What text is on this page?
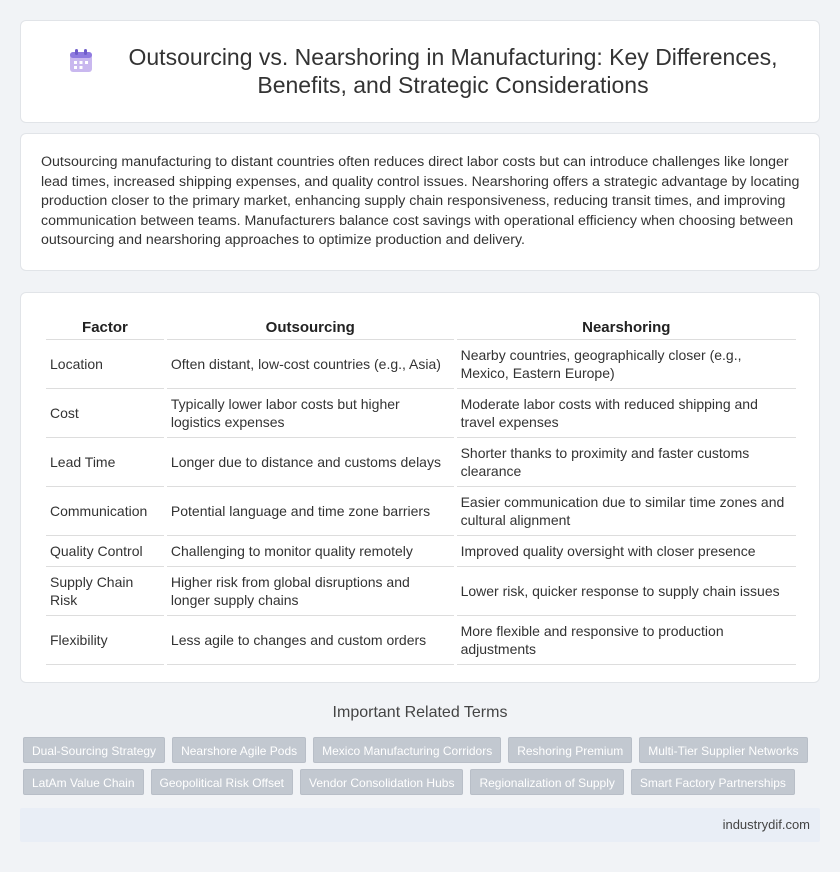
Outsourcing vs. Nearshoring in Manufacturing: Key Differences, Benefits, and Strategic Considerations

Outsourcing manufacturing to distant countries often reduces direct labor costs but can introduce challenges like longer lead times, increased shipping expenses, and quality control issues. Nearshoring offers a strategic advantage by locating production closer to the primary market, enhancing supply chain responsiveness, reducing transit times, and improving communication between teams. Manufacturers balance cost savings with operational efficiency when choosing between outsourcing and nearshoring approaches to optimize production and delivery.

Factor	Outsourcing	Nearshoring
Location	Often distant, low-cost countries (e.g., Asia)	Nearby countries, geographically closer (e.g., Mexico, Eastern Europe)
Cost	Typically lower labor costs but higher logistics expenses	Moderate labor costs with reduced shipping and travel expenses
Lead Time	Longer due to distance and customs delays	Shorter thanks to proximity and faster customs clearance
Communication	Potential language and time zone barriers	Easier communication due to similar time zones and cultural alignment
Quality Control	Challenging to monitor quality remotely	Improved quality oversight with closer presence
Supply Chain Risk	Higher risk from global disruptions and longer supply chains	Lower risk, quicker response to supply chain issues
Flexibility	Less agile to changes and custom orders	More flexible and responsive to production adjustments
Important Related Terms
Dual-Sourcing Strategy	Nearshore Agile Pods	Mexico Manufacturing Corridors	Reshoring Premium	Multi-Tier Supplier Networks
LatAm Value Chain	Geopolitical Risk Offset	Vendor Consolidation Hubs	Regionalization of Supply	Smart Factory Partnerships
industrydif.com
